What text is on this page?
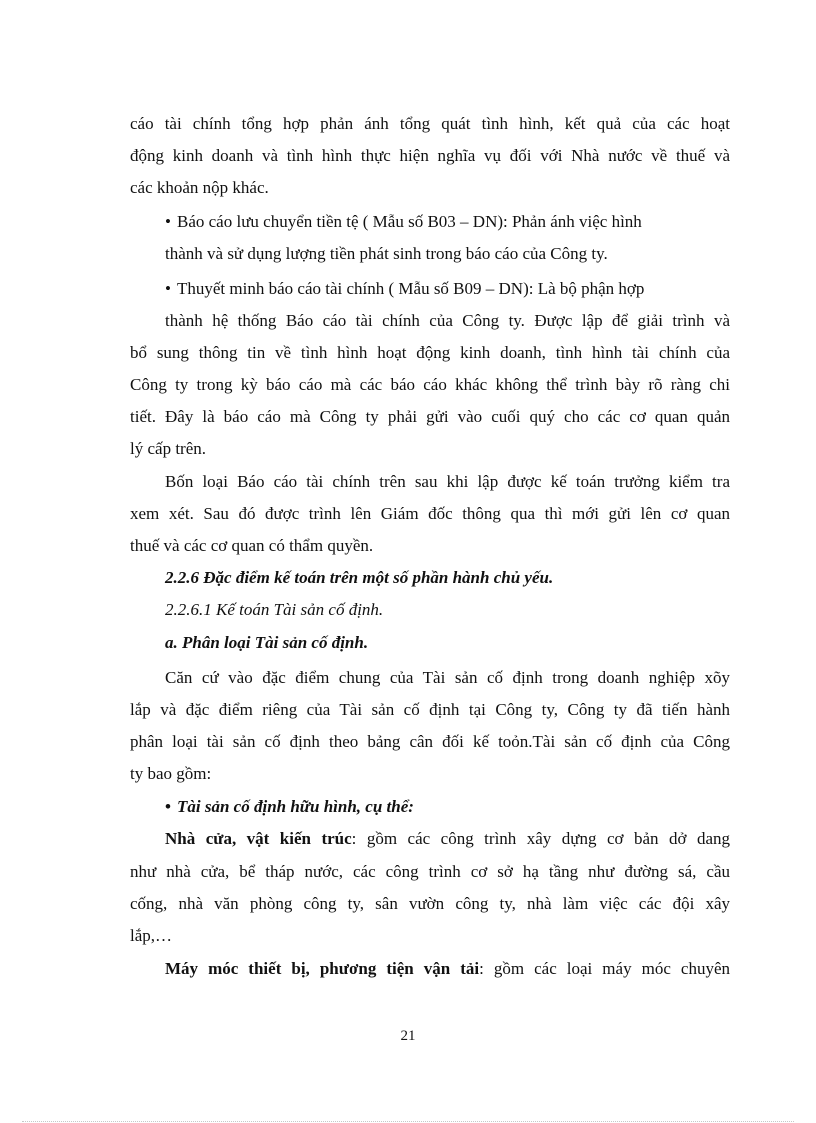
cáo tài chính tổng hợp phản ánh tổng quát tình hình, kết quả của các hoạt
động kinh doanh và tình hình thực hiện nghĩa vụ đối với Nhà nước về thuế và
các khoản nộp khác.
• Báo cáo lưu chuyển tiền tệ ( Mẫu số B03 – DN): Phản ánh việc hình
thành và sử dụng lượng tiền phát sinh trong báo cáo của Công ty.
• Thuyết minh báo cáo tài chính ( Mẫu số B09 – DN): Là bộ phận hợp
thành hệ thống Báo cáo tài chính của Công ty. Được lập để giải trình và
bổ sung thông tin về tình hình hoạt động kinh doanh, tình hình tài chính của
Công ty trong kỳ báo cáo mà các báo cáo khác không thể trình bày rõ ràng chi
tiết. Đây là báo cáo mà Công ty phải gửi vào cuối quý cho các cơ quan quản
lý cấp trên.
Bốn loại Báo cáo tài chính trên sau khi lập được kế toán trưởng kiểm tra
xem xét. Sau đó được trình lên Giám đốc thông qua thì mới gửi lên cơ quan
thuế và các cơ quan có thẩm quyền.
2.2.6 Đặc điểm kế toán trên một số phần hành chủ yếu.
2.2.6.1 Kế toán Tài sản cố định.
a. Phân loại Tài sản cố định.
Căn cứ vào đặc điểm chung của Tài sản cố định trong doanh nghiệp xõy
lắp và đặc điểm riêng của Tài sản cố định tại Công ty, Công ty đã tiến hành
phân loại tài sản cố định theo bảng cân đối kế toỏn.Tài sản cố định của Công
ty bao gồm:
• Tài sản cố định hữu hình, cụ thể:
Nhà cửa, vật kiến trúc: gồm các công trình xây dựng cơ bản dở dang
như nhà cửa, bể tháp nước, các công trình cơ sở hạ tầng như đường sá, cầu
cống, nhà văn phòng công ty, sân vườn công ty, nhà làm việc các đội xây
lắp,…
Máy móc thiết bị, phương tiện vận tải: gồm các loại máy móc chuyên
21
